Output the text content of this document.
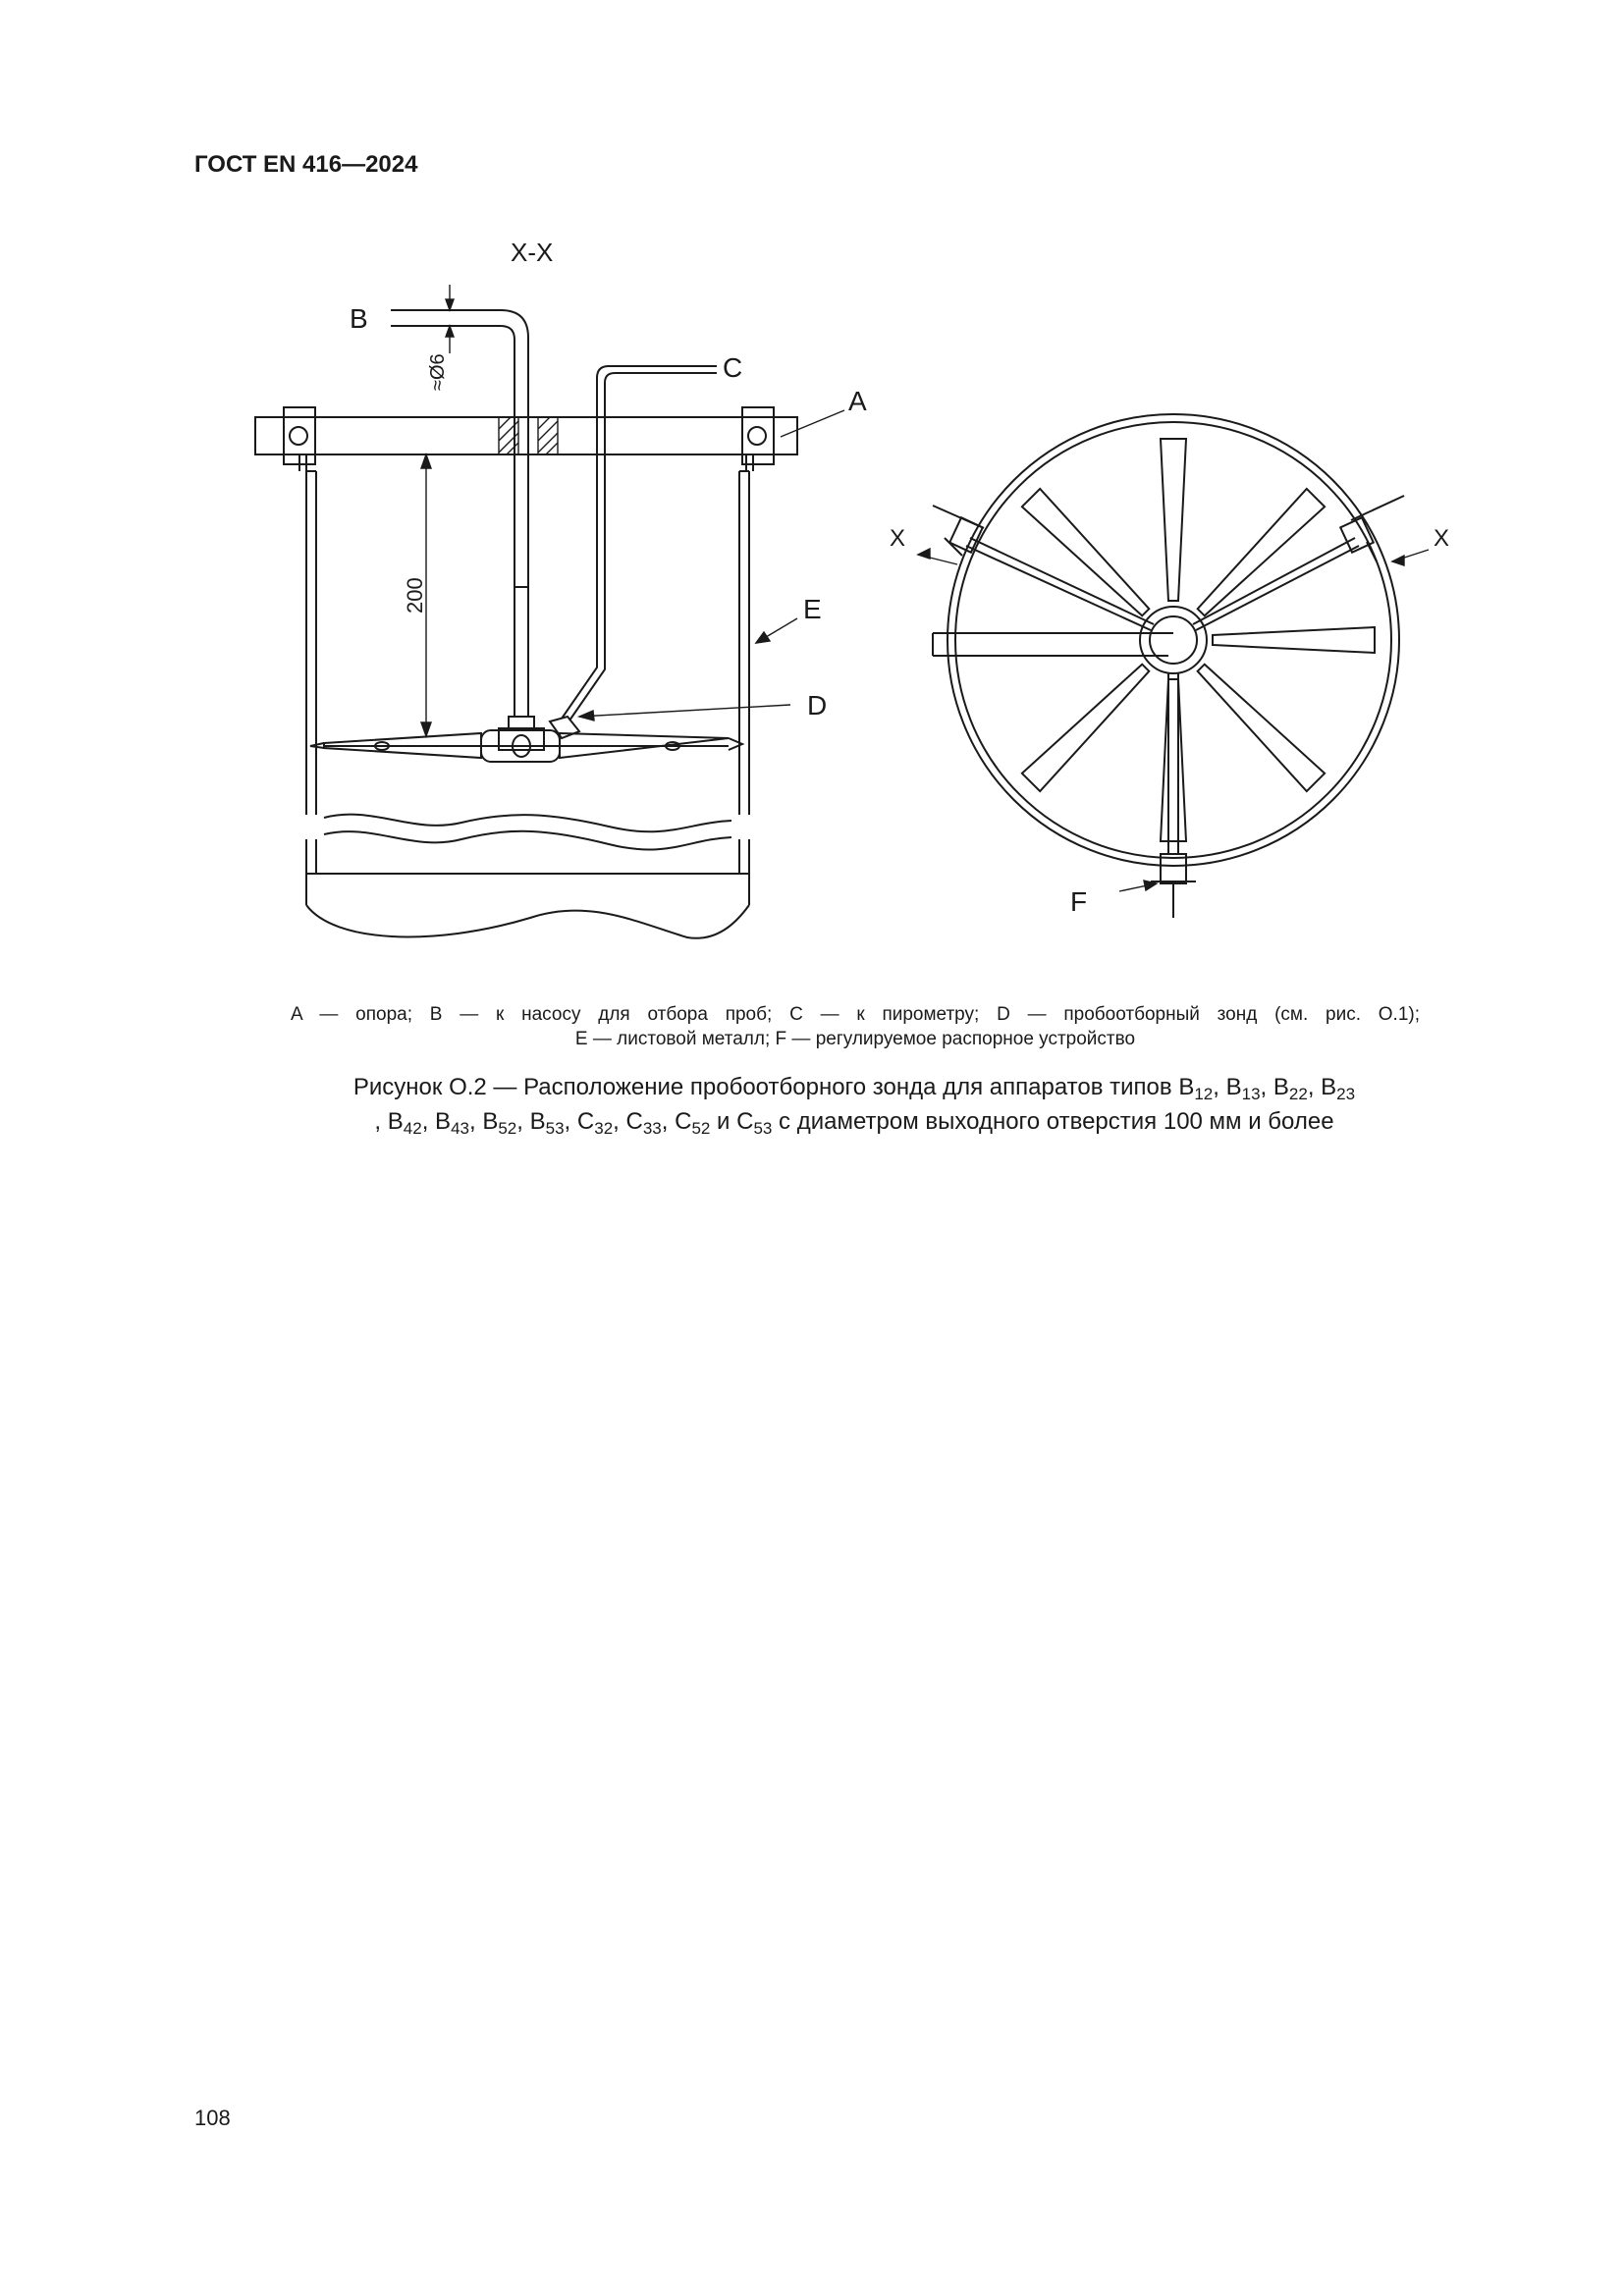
ГОСТ EN 416—2024
X-X
B
C
A
E
D
F
X	X
200
≈Ø6
A — опора; B — к насосу для отбора проб; C — к пирометру; D — пробоотборный зонд (см. рис. О.1);
E — листовой металл; F — регулируемое распорное устройство
Рисунок О.2 — Расположение пробоотборного зонда для аппаратов типов $B_{12}$, $B_{13}$, $B_{22}$, $B_{23}$
, $B_{42}$, $B_{43}$, $B_{52}$, $B_{53}$, $C_{32}$, $C_{33}$, $C_{52}$ и $C_{53}$ с диаметром выходного отверстия 100 мм и более
108
